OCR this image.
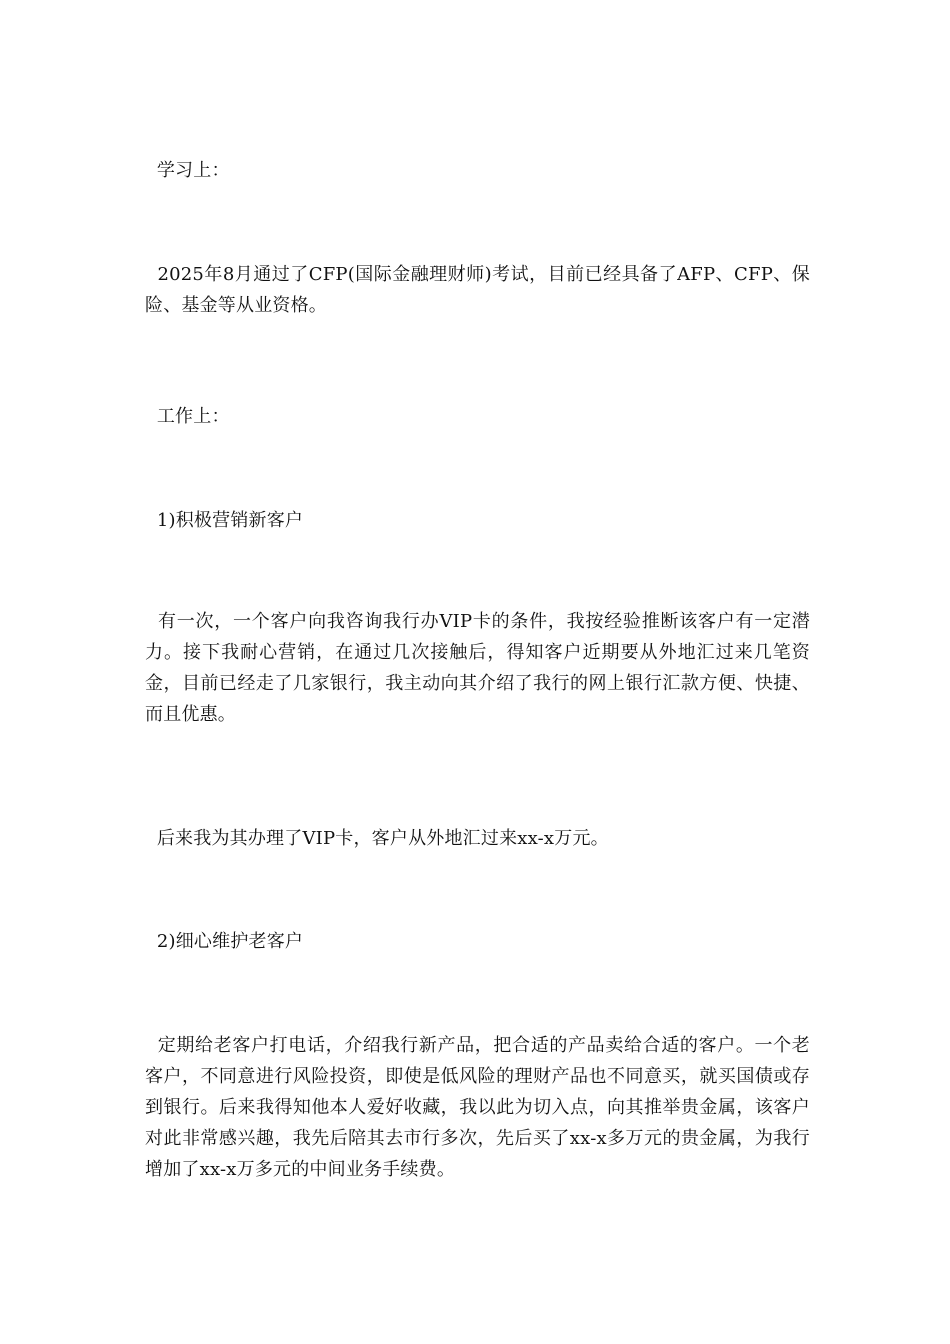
学习上：

2025年8月通过了CFP(国际金融理财师)考试，目前已经具备了AFP、CFP、保险、基金等从业资格。

工作上：

1)积极营销新客户

有一次，一个客户向我咨询我行办VIP卡的条件，我按经验推断该客户有一定潜力。接下我耐心营销，在通过几次接触后，得知客户近期要从外地汇过来几笔资金，目前已经走了几家银行，我主动向其介绍了我行的网上银行汇款方便、快捷、而且优惠。

后来我为其办理了VIP卡，客户从外地汇过来xx-x万元。

2)细心维护老客户

定期给老客户打电话，介绍我行新产品，把合适的产品卖给合适的客户。一个老客户，不同意进行风险投资，即使是低风险的理财产品也不同意买，就买国债或存到银行。后来我得知他本人爱好收藏，我以此为切入点，向其推举贵金属，该客户对此非常感兴趣，我先后陪其去市行多次，先后买了xx-x多万元的贵金属，为我行增加了xx-x万多元的中间业务手续费。
